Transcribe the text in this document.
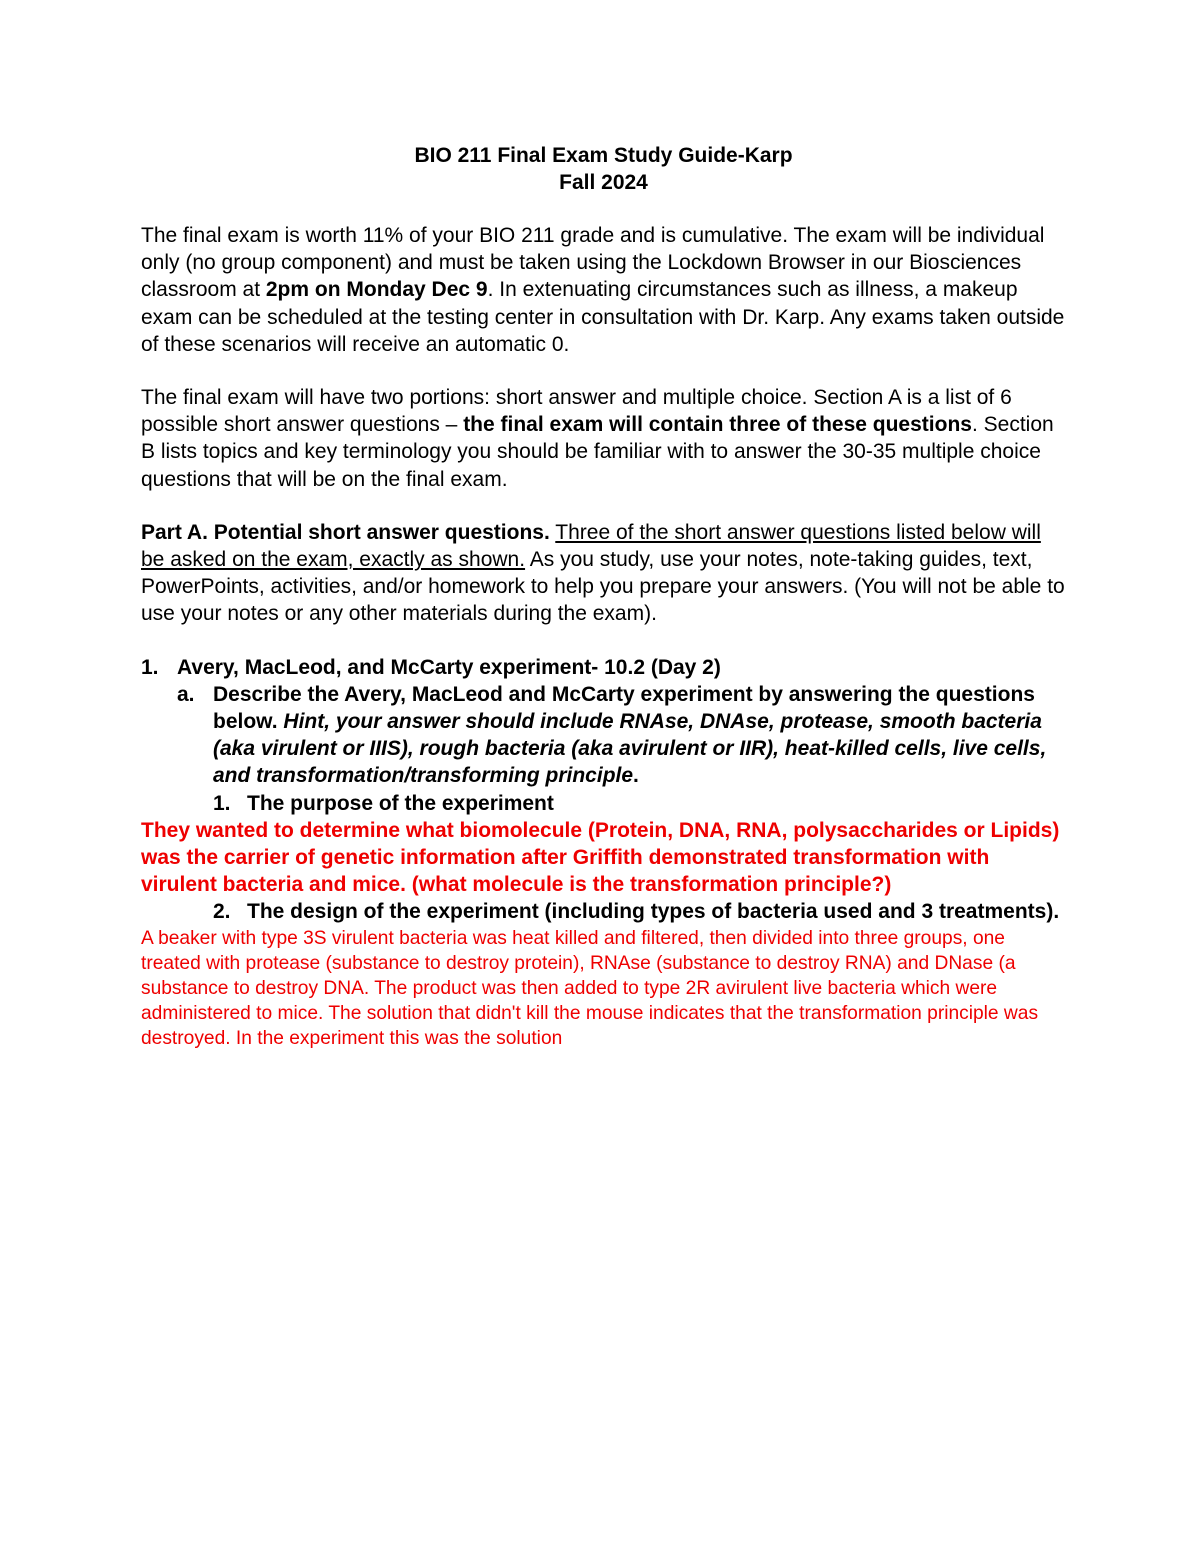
BIO 211 Final Exam Study Guide-Karp
Fall 2024

The final exam is worth 11% of your BIO 211 grade and is cumulative. The exam will be individual only (no group component) and must be taken using the Lockdown Browser in our Biosciences classroom at 2pm on Monday Dec 9. In extenuating circumstances such as illness, a makeup exam can be scheduled at the testing center in consultation with Dr. Karp. Any exams taken outside of these scenarios will receive an automatic 0.

The final exam will have two portions: short answer and multiple choice. Section A is a list of 6 possible short answer questions – the final exam will contain three of these questions. Section B lists topics and key terminology you should be familiar with to answer the 30-35 multiple choice questions that will be on the final exam.

Part A. Potential short answer questions. Three of the short answer questions listed below will be asked on the exam, exactly as shown. As you study, use your notes, note-taking guides, text, PowerPoints, activities, and/or homework to help you prepare your answers. (You will not be able to use your notes or any other materials during the exam).

1. Avery, MacLeod, and McCarty experiment- 10.2 (Day 2)
a. Describe the Avery, MacLeod and McCarty experiment by answering the questions below. Hint, your answer should include RNAse, DNAse, protease, smooth bacteria (aka virulent or IIIS), rough bacteria (aka avirulent or IIR), heat-killed cells, live cells, and transformation/transforming principle.
1. The purpose of the experiment

They wanted to determine what biomolecule (Protein, DNA, RNA, polysaccharides or Lipids) was the carrier of genetic information after Griffith demonstrated transformation with virulent bacteria and mice. (what molecule is the transformation principle?)

2. The design of the experiment (including types of bacteria used and 3 treatments).

A beaker with type 3S virulent bacteria was heat killed and filtered, then divided into three groups, one treated with protease (substance to destroy protein), RNAse (substance to destroy RNA) and DNase (a substance to destroy DNA. The product was then added to type 2R avirulent live bacteria which were administered to mice. The solution that didn't kill the mouse indicates that the transformation principle was destroyed. In the experiment this was the solution
